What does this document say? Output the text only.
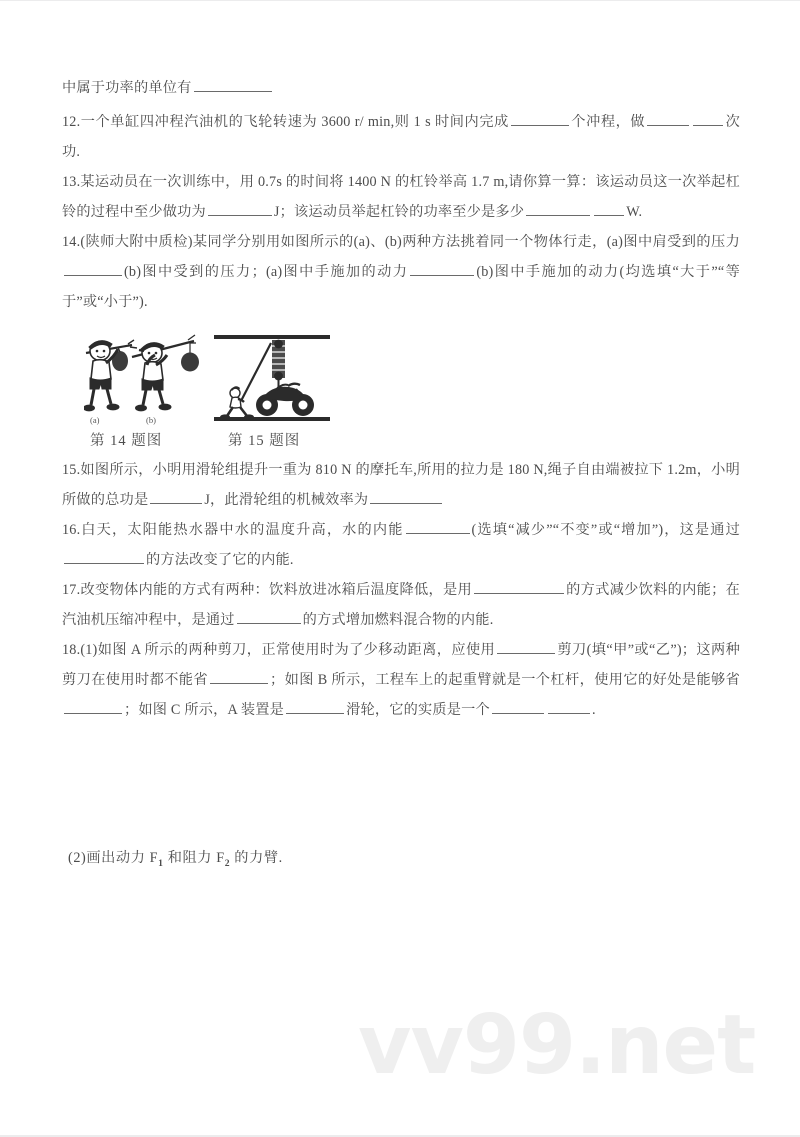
中属于功率的单位有

12.一个单缸四冲程汽油机的飞轮转速为 3600 r/ min,则 1 s 时间内完成	个冲程，做	次功.

13.某运动员在一次训练中，用 0.7s 的时间将 1400 N 的杠铃举高 1.7 m,请你算一算：该运动员这一次举起杠铃的过程中至少做功为	J；该运动员举起杠铃的功率至少是多少	W.

14.(陕师大附中质检)某同学分别用如图所示的(a)、(b)两种方法挑着同一个物体行走，(a)图中肩受到的压力(b)图中受到的压力；(a)图中手施加的动力	(b)图中手施加的动力(均选填“大于”“等于”或“小于”).

(a)	(b)
第 14 题图	第 15 题图

15.如图所示，小明用滑轮组提升一重为 810 N 的摩托车,所用的拉力是 180 N,绳子自由端被拉下 1.2m，小明所做的总功是	J，此滑轮组的机械效率为

16.白天，太阳能热水器中水的温度升高，水的内能	(选填“减少”“不变”或“增加”)，这是通过的方法改变了它的内能.

17.改变物体内能的方式有两种：饮料放进冰箱后温度降低，是用	的方式减少饮料的内能；在汽油机压缩冲程中，是通过	的方式增加燃料混合物的内能.

18.(1)如图 A 所示的两种剪刀，正常使用时为了少移动距离，应使用	剪刀(填“甲”或“乙”)；这两种剪刀在使用时都不能省	；如图 B 所示，工程车上的起重臂就是一个杠杆，使用它的好处是能够省；如图 C 所示，A 装置是	滑轮，它的实质是一个	.

(2)画出动力 $F_1$ 和阻力 $F_2$ 的力臂.

vv99.net
